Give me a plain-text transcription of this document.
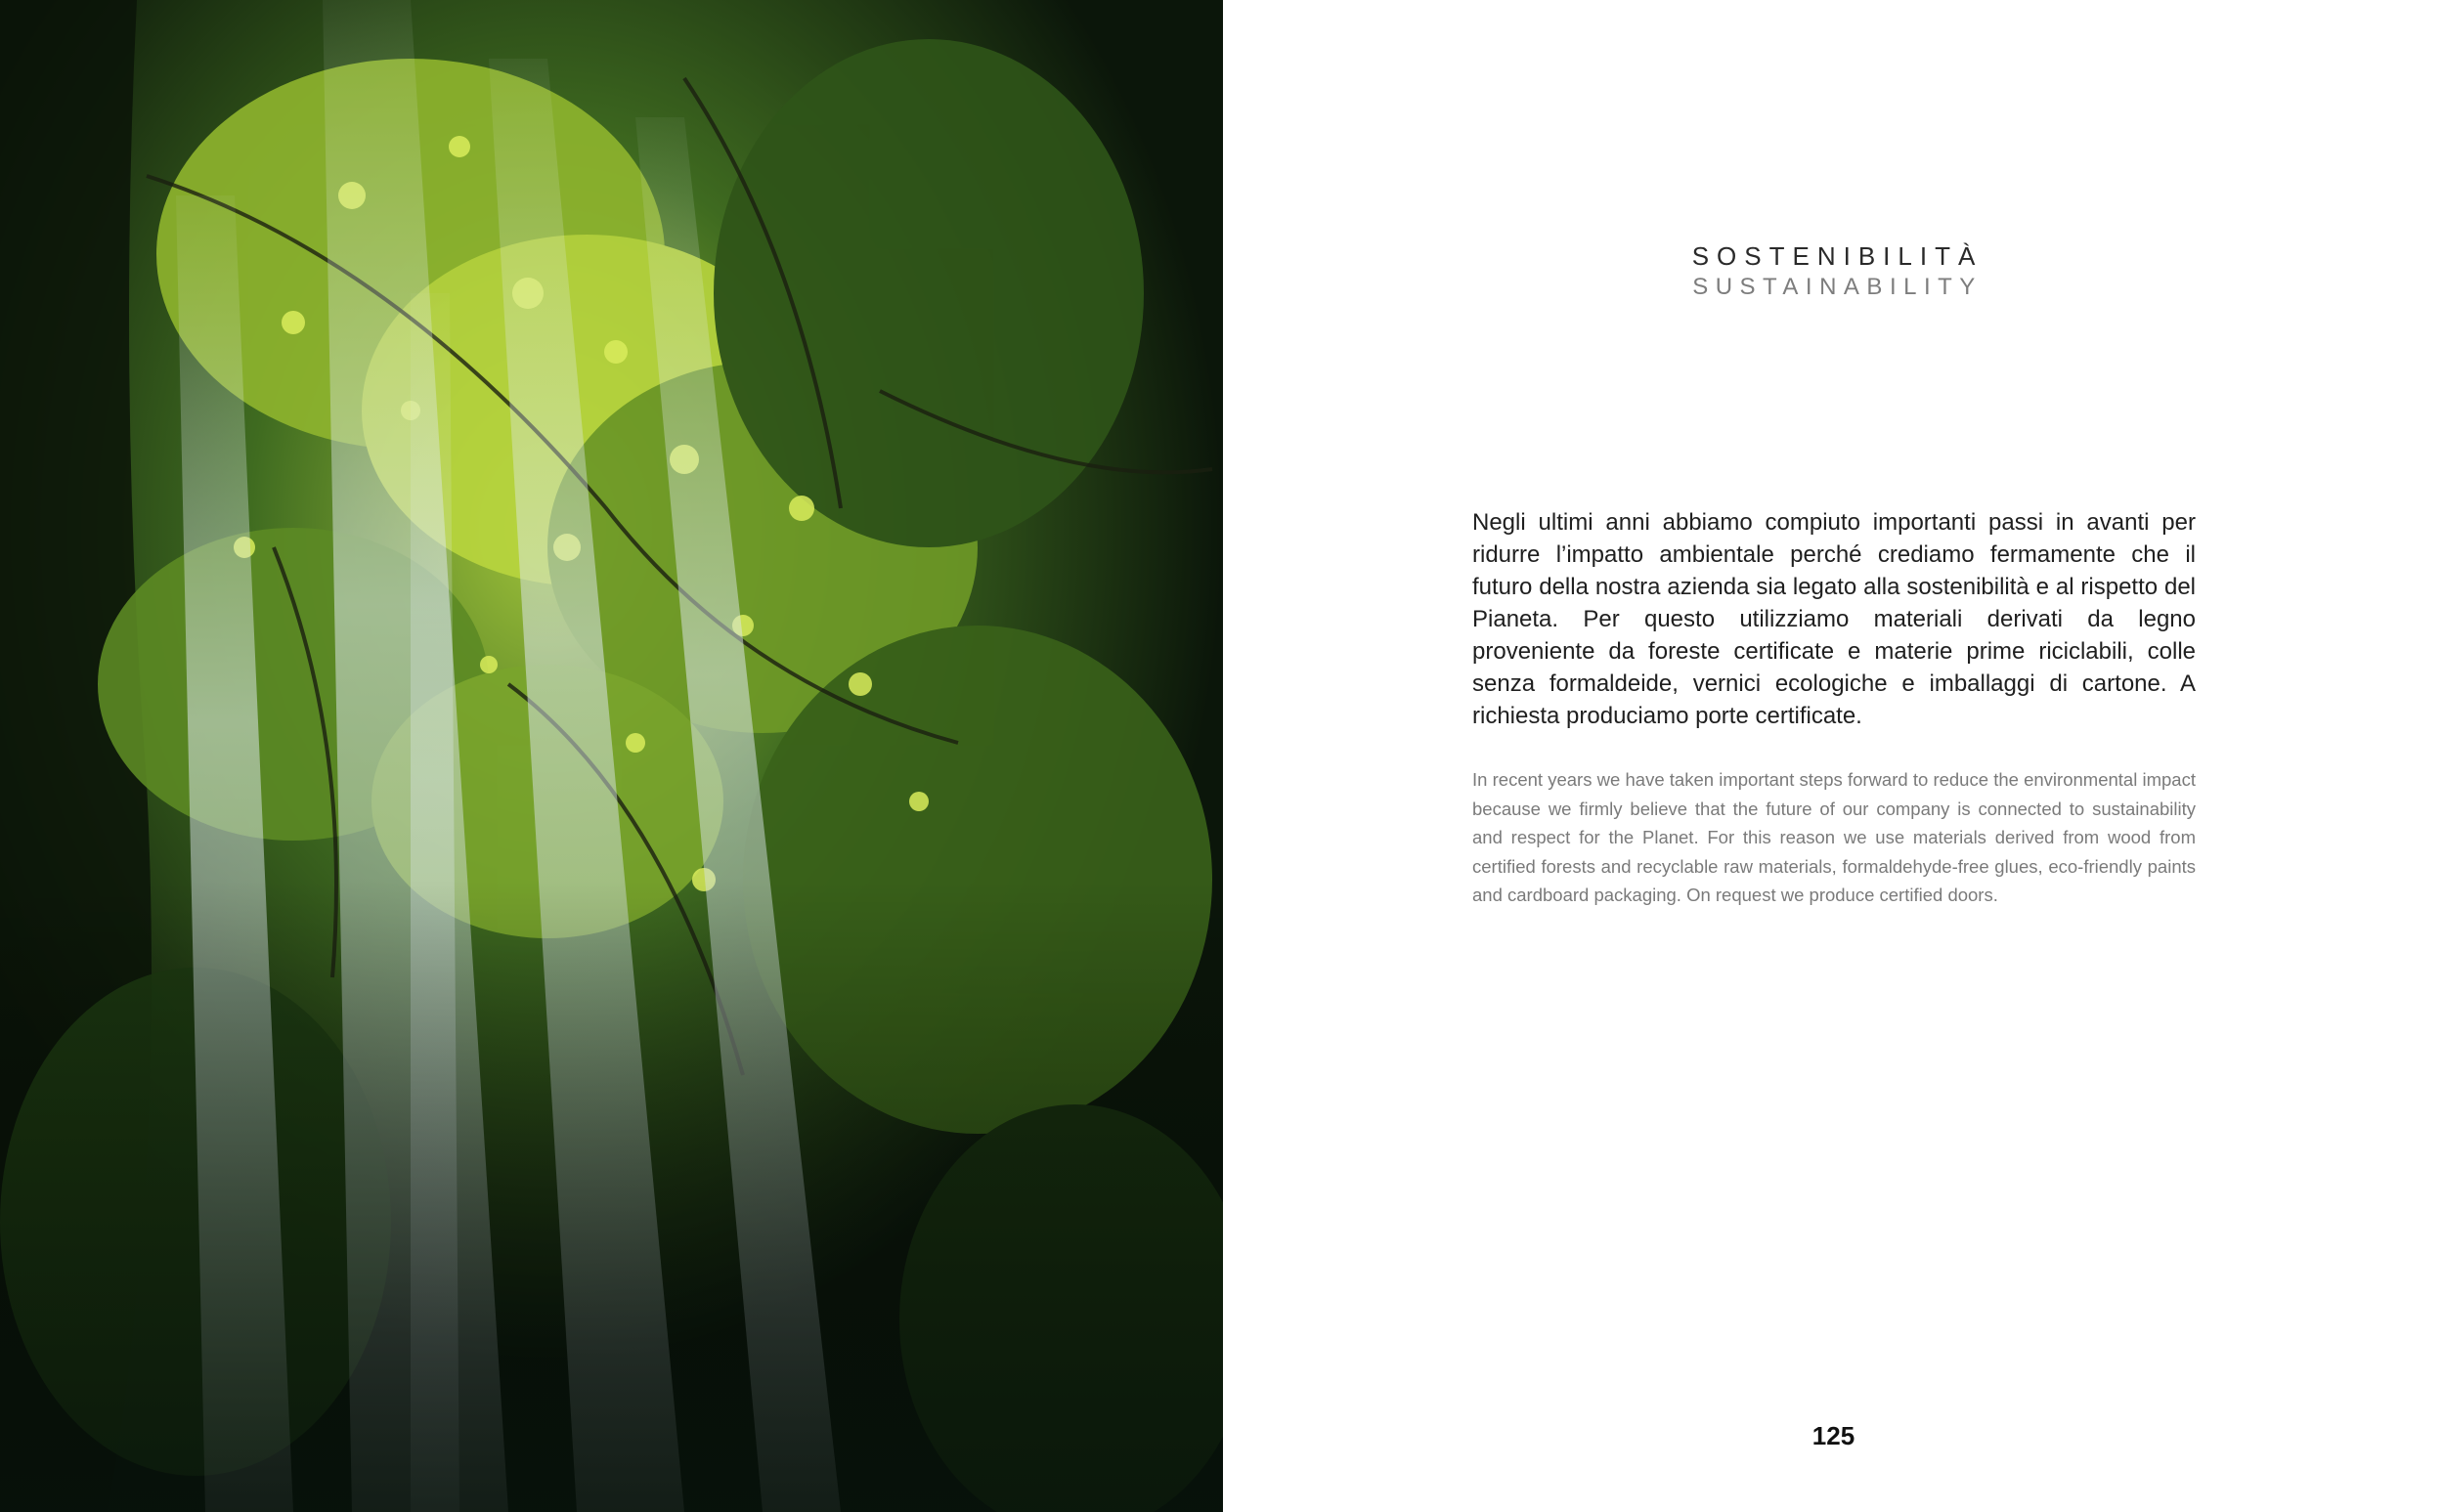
SOSTENIBILITÀ
SUSTAINABILITY

Negli ultimi anni abbiamo compiuto importanti passi in avanti per ridurre l’impatto ambientale perché crediamo fermamente che il futuro della nostra azienda sia legato alla sostenibilità e al rispetto del Pianeta. Per questo utilizziamo materiali derivati da legno proveniente da foreste certificate e materie prime riciclabili, colle senza formaldeide, vernici ecologiche e imballaggi di cartone. A richiesta produciamo porte certificate.

In recent years we have taken important steps forward to reduce the environmental impact because we firmly believe that the future of our company is connected to sustainability and respect for the Planet. For this reason we use materials derived from wood from certified forests and recyclable raw materials, formaldehyde-free glues, eco-friendly paints and cardboard packaging. On request we produce certified doors.

125
